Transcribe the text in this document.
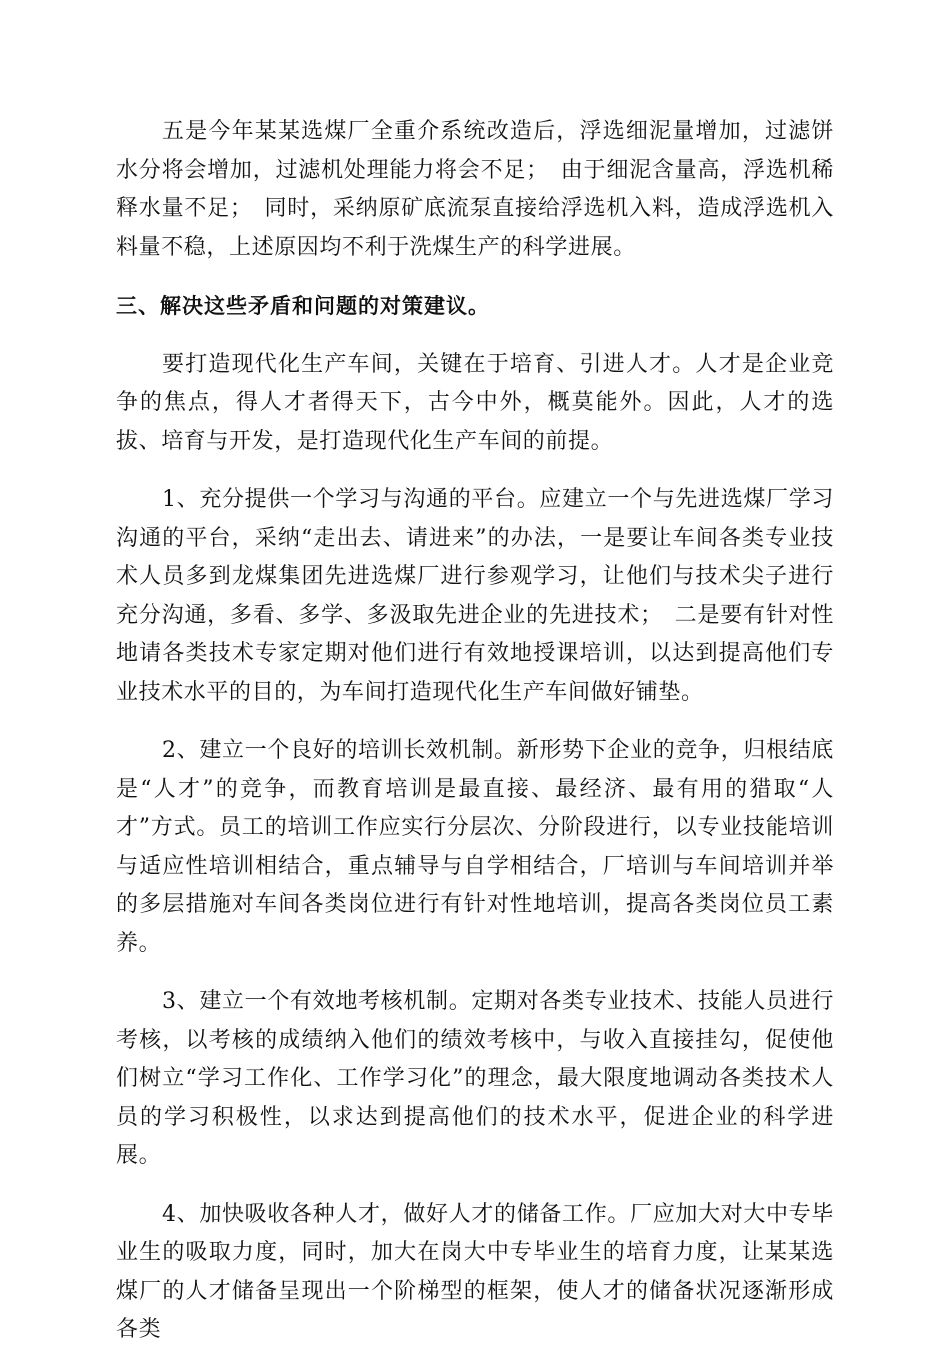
五是今年某某选煤厂全重介系统改造后，浮选细泥量增加，过滤饼水分将会增加，过滤机处理能力将会不足；　由于细泥含量高，浮选机稀释水量不足；　同时，采纳原矿底流泵直接给浮选机入料，造成浮选机入料量不稳，上述原因均不利于洗煤生产的科学进展。

三、解决这些矛盾和问题的对策建议。

要打造现代化生产车间，关键在于培育、引进人才。人才是企业竞争的焦点，得人才者得天下，古今中外，概莫能外。因此，人才的选拔、培育与开发，是打造现代化生产车间的前提。

1、充分提供一个学习与沟通的平台。应建立一个与先进选煤厂学习沟通的平台，采纳“走出去、请进来”的办法，一是要让车间各类专业技术人员多到龙煤集团先进选煤厂进行参观学习，让他们与技术尖子进行充分沟通，多看、多学、多汲取先进企业的先进技术；　二是要有针对性地请各类技术专家定期对他们进行有效地授课培训，以达到提高他们专业技术水平的目的，为车间打造现代化生产车间做好铺垫。

2、建立一个良好的培训长效机制。新形势下企业的竞争，归根结底是“人才”的竞争，而教育培训是最直接、最经济、最有用的猎取“人才”方式。员工的培训工作应实行分层次、分阶段进行，以专业技能培训与适应性培训相结合，重点辅导与自学相结合，厂培训与车间培训并举的多层措施对车间各类岗位进行有针对性地培训，提高各类岗位员工素养。

3、建立一个有效地考核机制。定期对各类专业技术、技能人员进行考核，以考核的成绩纳入他们的绩效考核中，与收入直接挂勾，促使他们树立“学习工作化、工作学习化”的理念，最大限度地调动各类技术人员的学习积极性，以求达到提高他们的技术水平，促进企业的科学进展。

4、加快吸收各种人才，做好人才的储备工作。厂应加大对大中专毕业生的吸取力度，同时，加大在岗大中专毕业生的培育力度，让某某选煤厂的人才储备呈现出一个阶梯型的框架，使人才的储备状况逐渐形成各类
